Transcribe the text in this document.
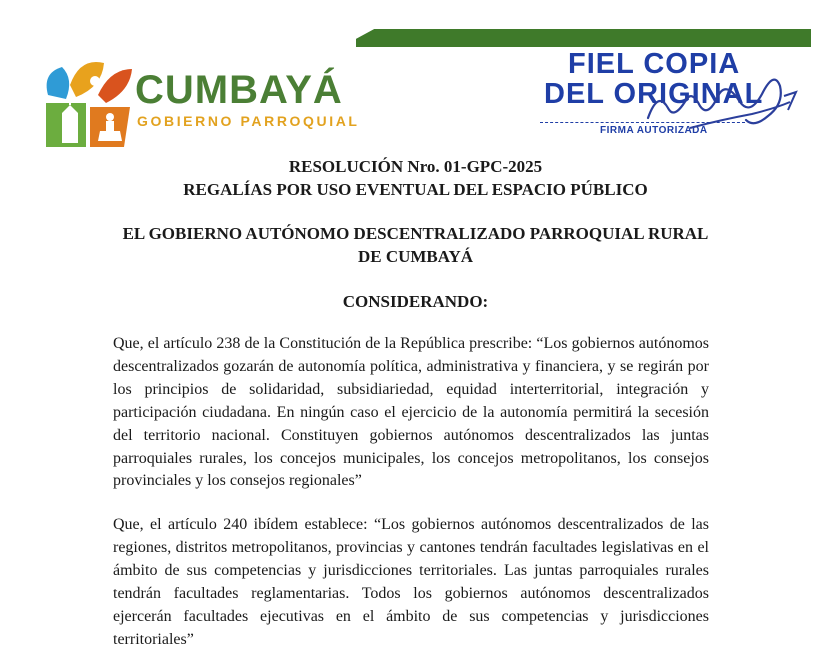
CUMBAYÁ
GOBIERNO PARROQUIAL
FIEL COPIA
DEL ORIGINAL
FIRMA AUTORIZADA
RESOLUCIÓN Nro. 01-GPC-2025
REGALÍAS POR USO EVENTUAL DEL ESPACIO PÚBLICO
EL GOBIERNO AUTÓNOMO DESCENTRALIZADO PARROQUIAL RURAL
DE CUMBAYÁ
CONSIDERANDO:

Que, el artículo 238 de la Constitución de la República prescribe: “Los gobiernos autónomos descentralizados gozarán de autonomía política, administrativa y financiera, y se regirán por los principios de solidaridad, subsidiariedad, equidad interterritorial, integración y participación ciudadana. En ningún caso el ejercicio de la autonomía permitirá la secesión del territorio nacional. Constituyen gobiernos autónomos descentralizados las juntas parroquiales rurales, los concejos municipales, los concejos metropolitanos, los consejos provinciales y los consejos regionales”

Que, el artículo 240 ibídem establece: “Los gobiernos autónomos descentralizados de las regiones, distritos metropolitanos, provincias y cantones tendrán facultades legislativas en el ámbito de sus competencias y jurisdicciones territoriales. Las juntas parroquiales rurales tendrán facultades reglamentarias. Todos los gobiernos autónomos descentralizados ejercerán facultades ejecutivas en el ámbito de sus competencias y jurisdicciones territoriales”
